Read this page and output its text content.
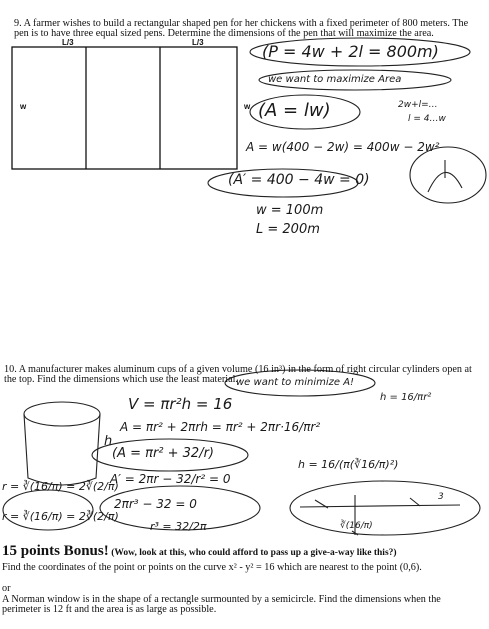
9. A farmer wishes to build a rectangular shaped pen for her chickens with a fixed perimeter of 800 meters. The
pen is to have three equal sized pens. Determine the dimensions of the pen that will maximize the area.
L/3	L/3
w	w
(P = 4w + 2l = 800m)
we want to maximize Area
(A = lw)	2w+l=…
l = 4…w
A = w(400 − 2w) = 400w − 2w²
(A′ = 400 − 4w = 0)
w = 100m
L = 200m
10. A manufacturer makes aluminum cups of a given volume (16 in³) in the form of right circular cylinders open at
the top. Find the dimensions which use the least material.
we want to minimize A!
V = πr²h = 16	h = 16/πr²
A = πr² + 2πrh = πr² + 2πr·16/πr²
(A = πr² + 32/r)
h
A′ = 2πr − 32/r² = 0
2πr³ − 32 = 0
r³ = 32/2π
h = 16/(π(∛16/π)²)
r = ∛(16/π) = 2∛(2/π)
r = ∛(16/π) = 2∛(2/π)
3
∛(16/π)
15 points Bonus! (Wow, look at this, who could afford to pass up a give-a-way like this?)
Find the coordinates of the point or points on the curve x² - y² = 16 which are nearest to the point (0,6).
or
A Norman window is in the shape of a rectangle surmounted by a semicircle. Find the dimensions when the
perimeter is 12 ft and the area is as large as possible.
